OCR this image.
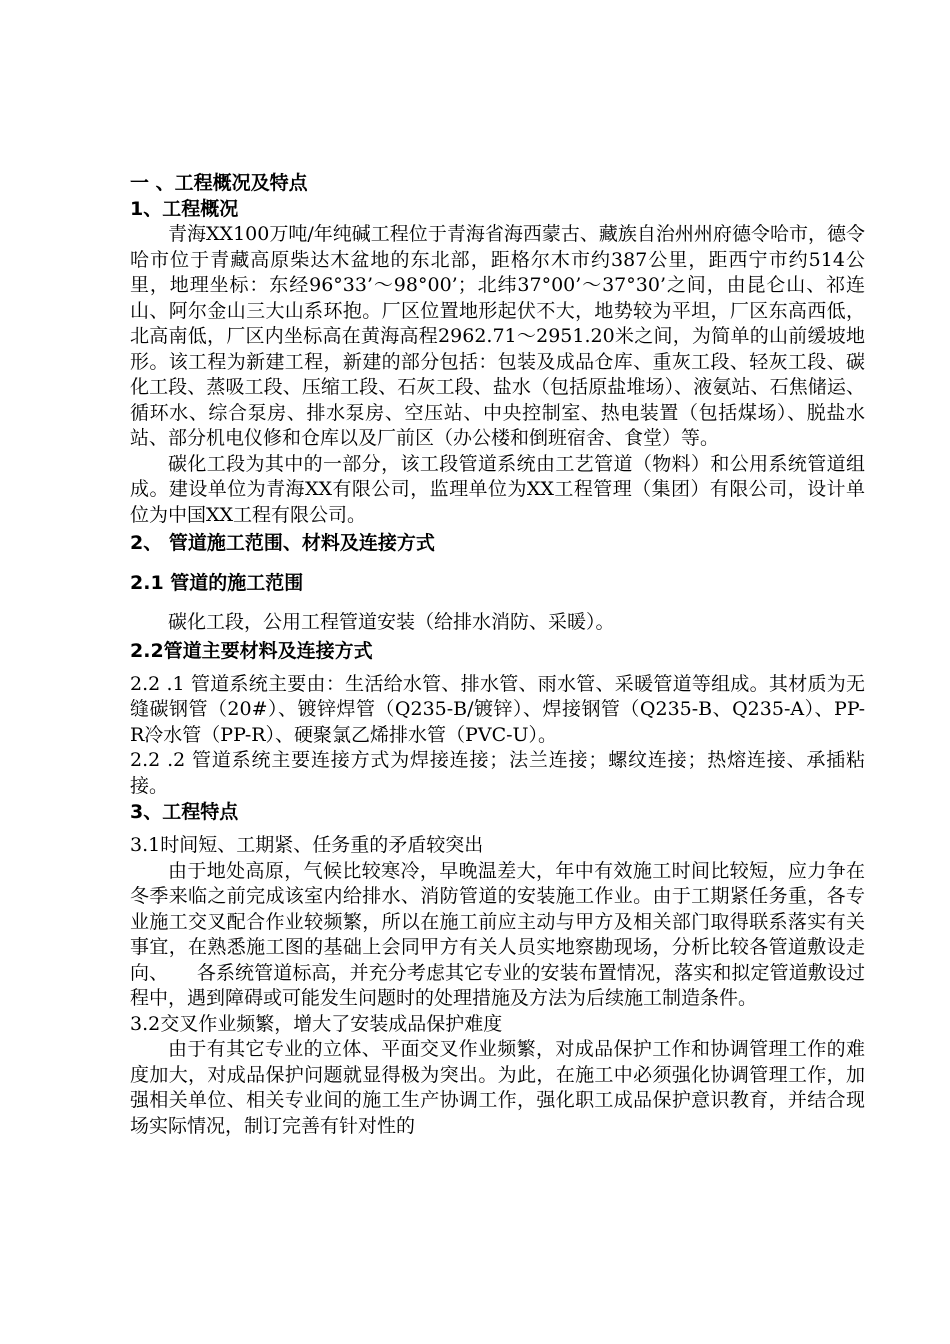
一 、工程概况及特点
1、工程概况
青海XX100万吨/年纯碱工程位于青海省海西蒙古、藏族自治州州府德令哈市，德令哈市位于青藏高原柴达木盆地的东北部，距格尔木市约387公里，距西宁市约514公里，地理坐标：东经96°33’～98°00’；北纬37°00’～37°30’之间，由昆仑山、祁连山、阿尔金山三大山系环抱。厂区位置地形起伏不大，地势较为平坦，厂区东高西低，北高南低，厂区内坐标高在黄海高程2962.71～2951.20米之间，为简单的山前缓坡地形。该工程为新建工程，新建的部分包括：包装及成品仓库、重灰工段、轻灰工段、碳化工段、蒸吸工段、压缩工段、石灰工段、盐水（包括原盐堆场）、液氨站、石焦储运、循环水、综合泵房、排水泵房、空压站、中央控制室、热电装置（包括煤场）、脱盐水站、部分机电仪修和仓库以及厂前区（办公楼和倒班宿舍、食堂）等。
碳化工段为其中的一部分，该工段管道系统由工艺管道（物料）和公用系统管道组成。建设单位为青海XX有限公司，监理单位为XX工程管理（集团）有限公司，设计单位为中国XX工程有限公司。
2、 管道施工范围、材料及连接方式
2.1 管道的施工范围
碳化工段，公用工程管道安装（给排水消防、采暖）。
2.2管道主要材料及连接方式
2.2 .1 管道系统主要由：生活给水管、排水管、雨水管、采暖管道等组成。其材质为无缝碳钢管（20#）、镀锌焊管（Q235-B/镀锌）、焊接钢管（Q235-B、Q235-A）、PP-R冷水管（PP-R）、硬聚氯乙烯排水管（PVC-U）。
2.2 .2 管道系统主要连接方式为焊接连接；法兰连接；螺纹连接；热熔连接、承插粘接。
3、工程特点
3.1时间短、工期紧、任务重的矛盾较突出
由于地处高原，气候比较寒冷，早晚温差大，年中有效施工时间比较短，应力争在冬季来临之前完成该室内给排水、消防管道的安装施工作业。由于工期紧任务重，各专业施工交叉配合作业较频繁，所以在施工前应主动与甲方及相关部门取得联系落实有关事宜，在熟悉施工图的基础上会同甲方有关人员实地察勘现场，分析比较各管道敷设走向、　　各系统管道标高，并充分考虑其它专业的安装布置情况，落实和拟定管道敷设过程中，遇到障碍或可能发生问题时的处理措施及方法为后续施工制造条件。
3.2交叉作业频繁，增大了安装成品保护难度
由于有其它专业的立体、平面交叉作业频繁，对成品保护工作和协调管理工作的难度加大，对成品保护问题就显得极为突出。为此，在施工中必须强化协调管理工作，加强相关单位、相关专业间的施工生产协调工作，强化职工成品保护意识教育，并结合现场实际情况，制订完善有针对性的
